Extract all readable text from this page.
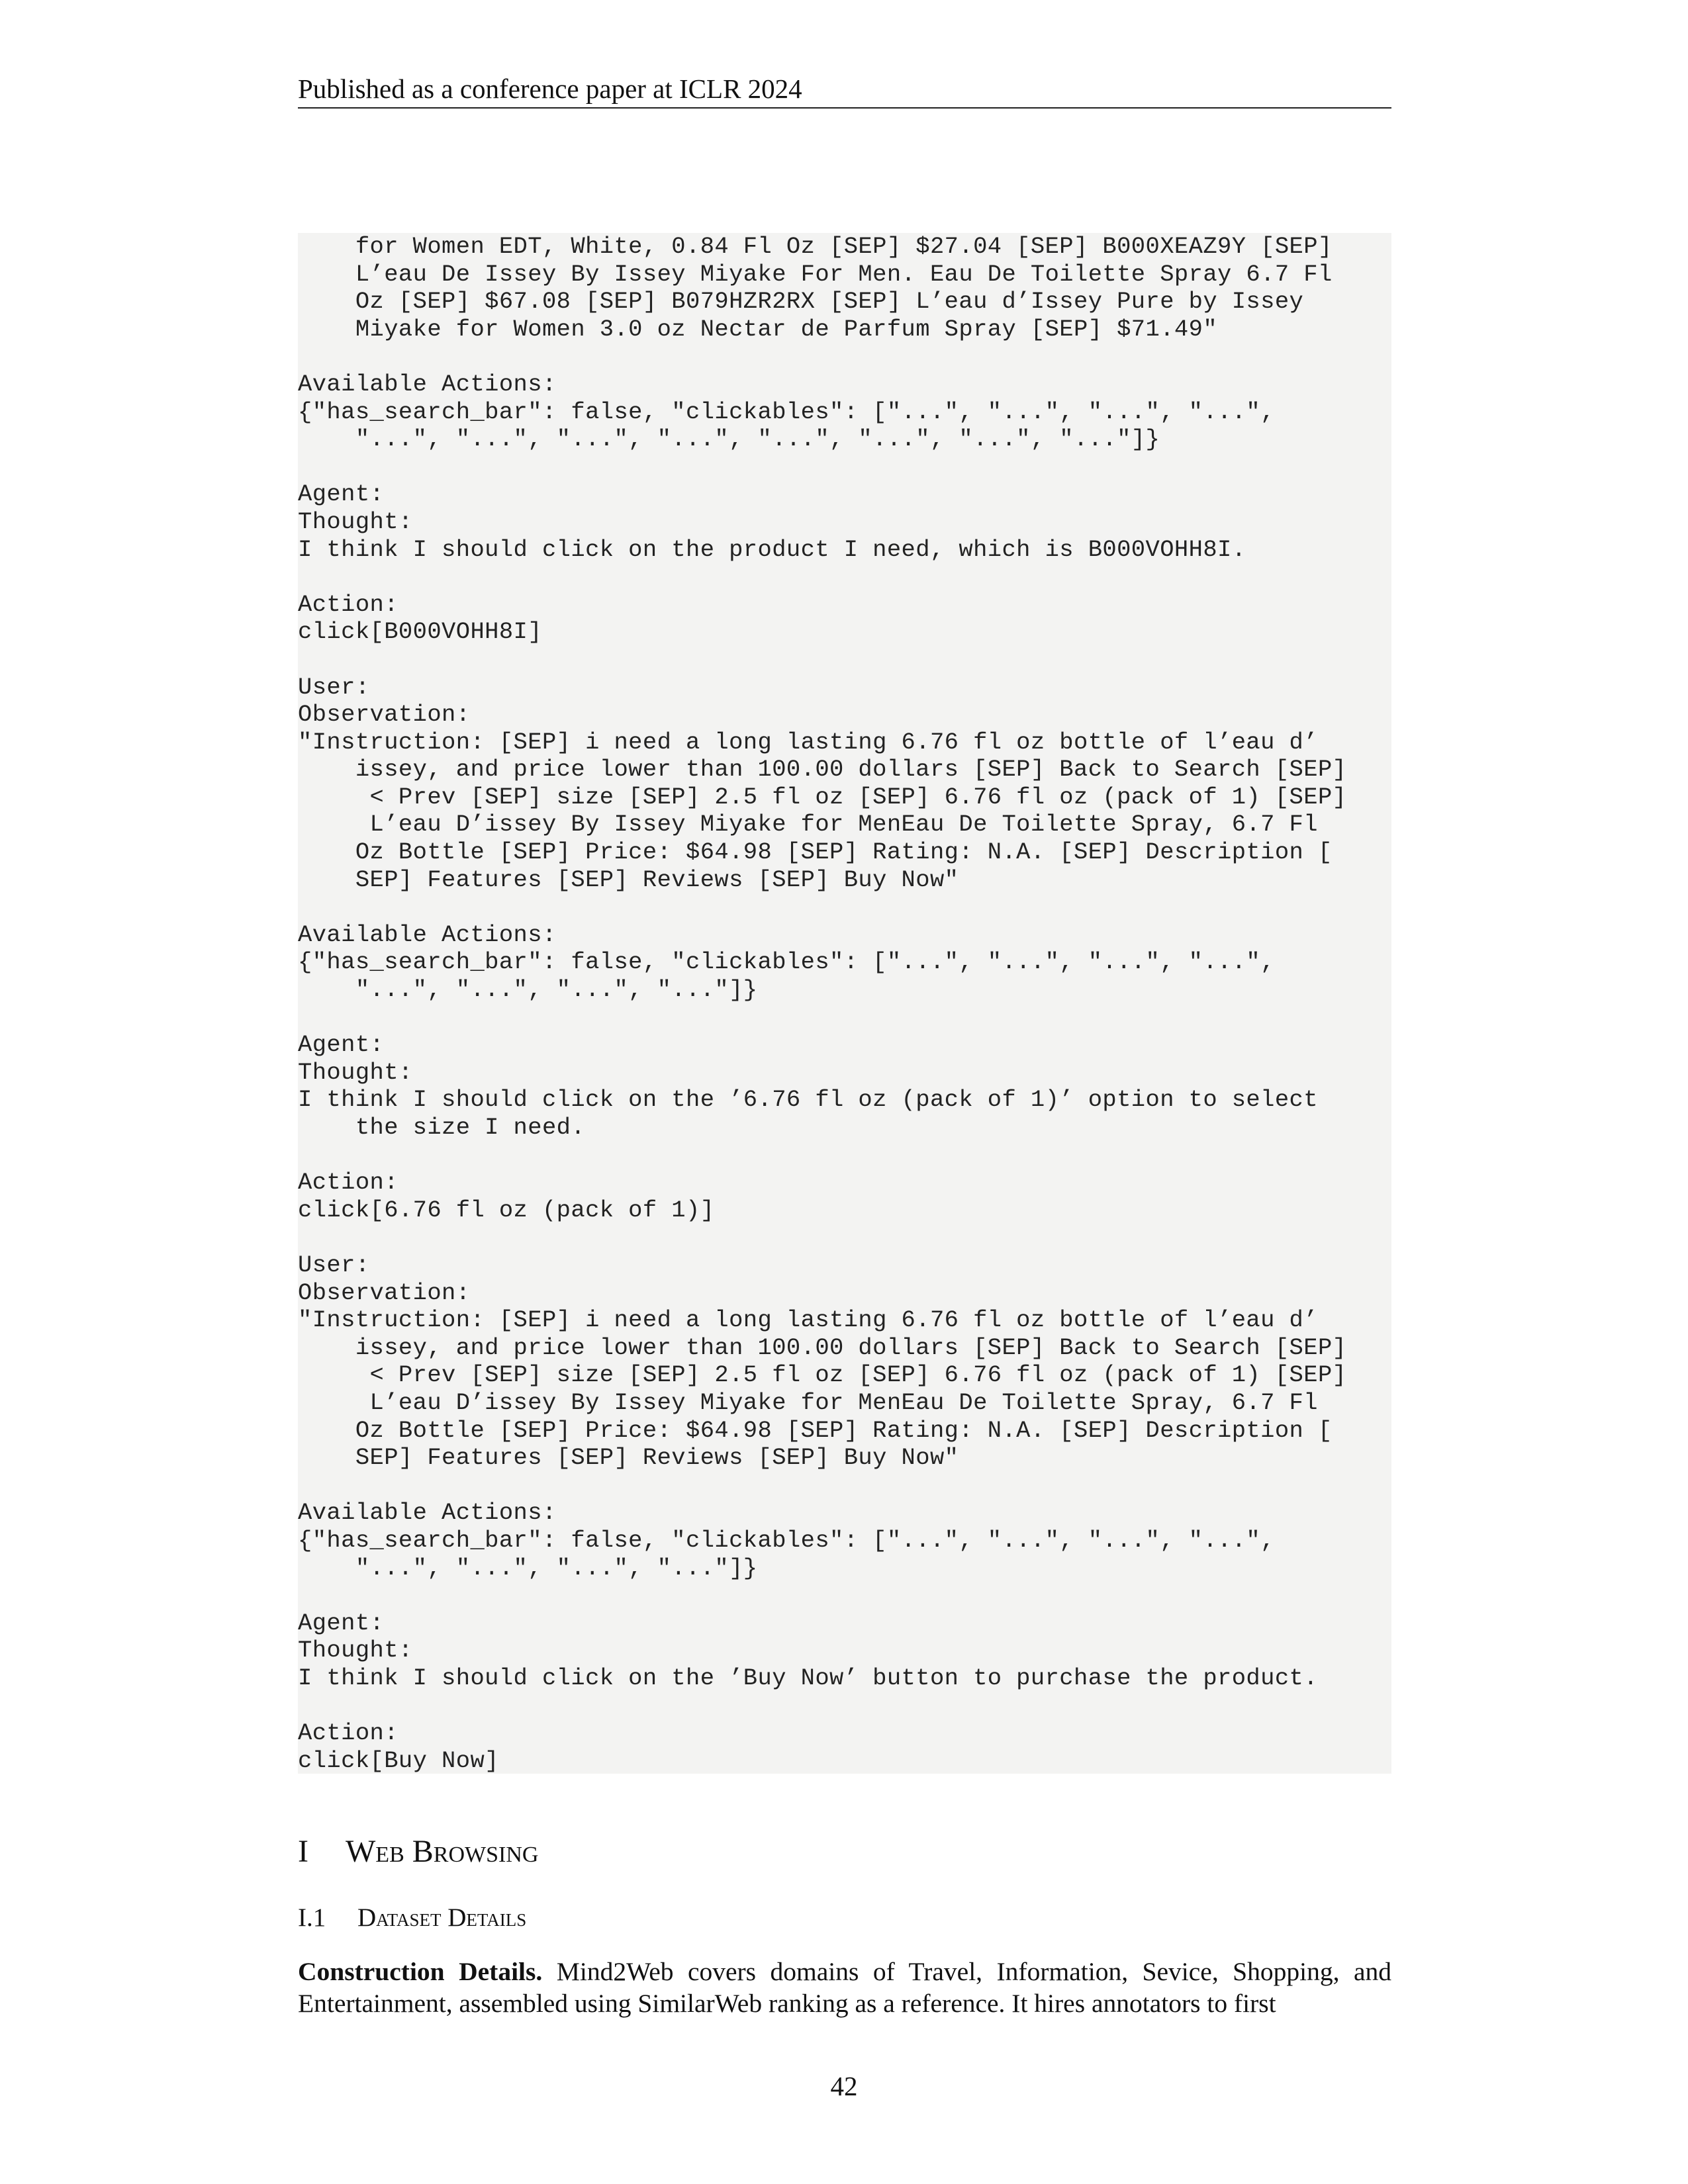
Published as a conference paper at ICLR 2024
for Women EDT, White, 0.84 Fl Oz [SEP] $27.04 [SEP] B000XEAZ9Y [SEP]
L’eau De Issey By Issey Miyake For Men. Eau De Toilette Spray 6.7 Fl
Oz [SEP] $67.08 [SEP] B079HZR2RX [SEP] L’eau d’Issey Pure by Issey
Miyake for Women 3.0 oz Nectar de Parfum Spray [SEP] $71.49"
Available Actions:
{"has_search_bar": false, "clickables": ["...", "...", "...", "...",
"...", "...", "...", "...", "...", "...", "...", "..."]}
Agent:
Thought:
I think I should click on the product I need, which is B000VOHH8I.
Action:
click[B000VOHH8I]
User:
Observation:
"Instruction: [SEP] i need a long lasting 6.76 fl oz bottle of l’eau d’
issey, and price lower than 100.00 dollars [SEP] Back to Search [SEP]
< Prev [SEP] size [SEP] 2.5 fl oz [SEP] 6.76 fl oz (pack of 1) [SEP]
L’eau D’issey By Issey Miyake for MenEau De Toilette Spray, 6.7 Fl
Oz Bottle [SEP] Price: $64.98 [SEP] Rating: N.A. [SEP] Description [
SEP] Features [SEP] Reviews [SEP] Buy Now"
Available Actions:
{"has_search_bar": false, "clickables": ["...", "...", "...", "...",
"...", "...", "...", "..."]}
Agent:
Thought:
I think I should click on the ’6.76 fl oz (pack of 1)’ option to select
the size I need.
Action:
click[6.76 fl oz (pack of 1)]
User:
Observation:
"Instruction: [SEP] i need a long lasting 6.76 fl oz bottle of l’eau d’
issey, and price lower than 100.00 dollars [SEP] Back to Search [SEP]
< Prev [SEP] size [SEP] 2.5 fl oz [SEP] 6.76 fl oz (pack of 1) [SEP]
L’eau D’issey By Issey Miyake for MenEau De Toilette Spray, 6.7 Fl
Oz Bottle [SEP] Price: $64.98 [SEP] Rating: N.A. [SEP] Description [
SEP] Features [SEP] Reviews [SEP] Buy Now"
Available Actions:
{"has_search_bar": false, "clickables": ["...", "...", "...", "...",
"...", "...", "...", "..."]}
Agent:
Thought:
I think I should click on the ’Buy Now’ button to purchase the product.
Action:
click[Buy Now]
I Web Browsing
I.1 Dataset Details
Construction Details. Mind2Web covers domains of Travel, Information, Sevice, Shopping, and Entertainment, assembled using SimilarWeb ranking as a reference. It hires annotators to first
42
